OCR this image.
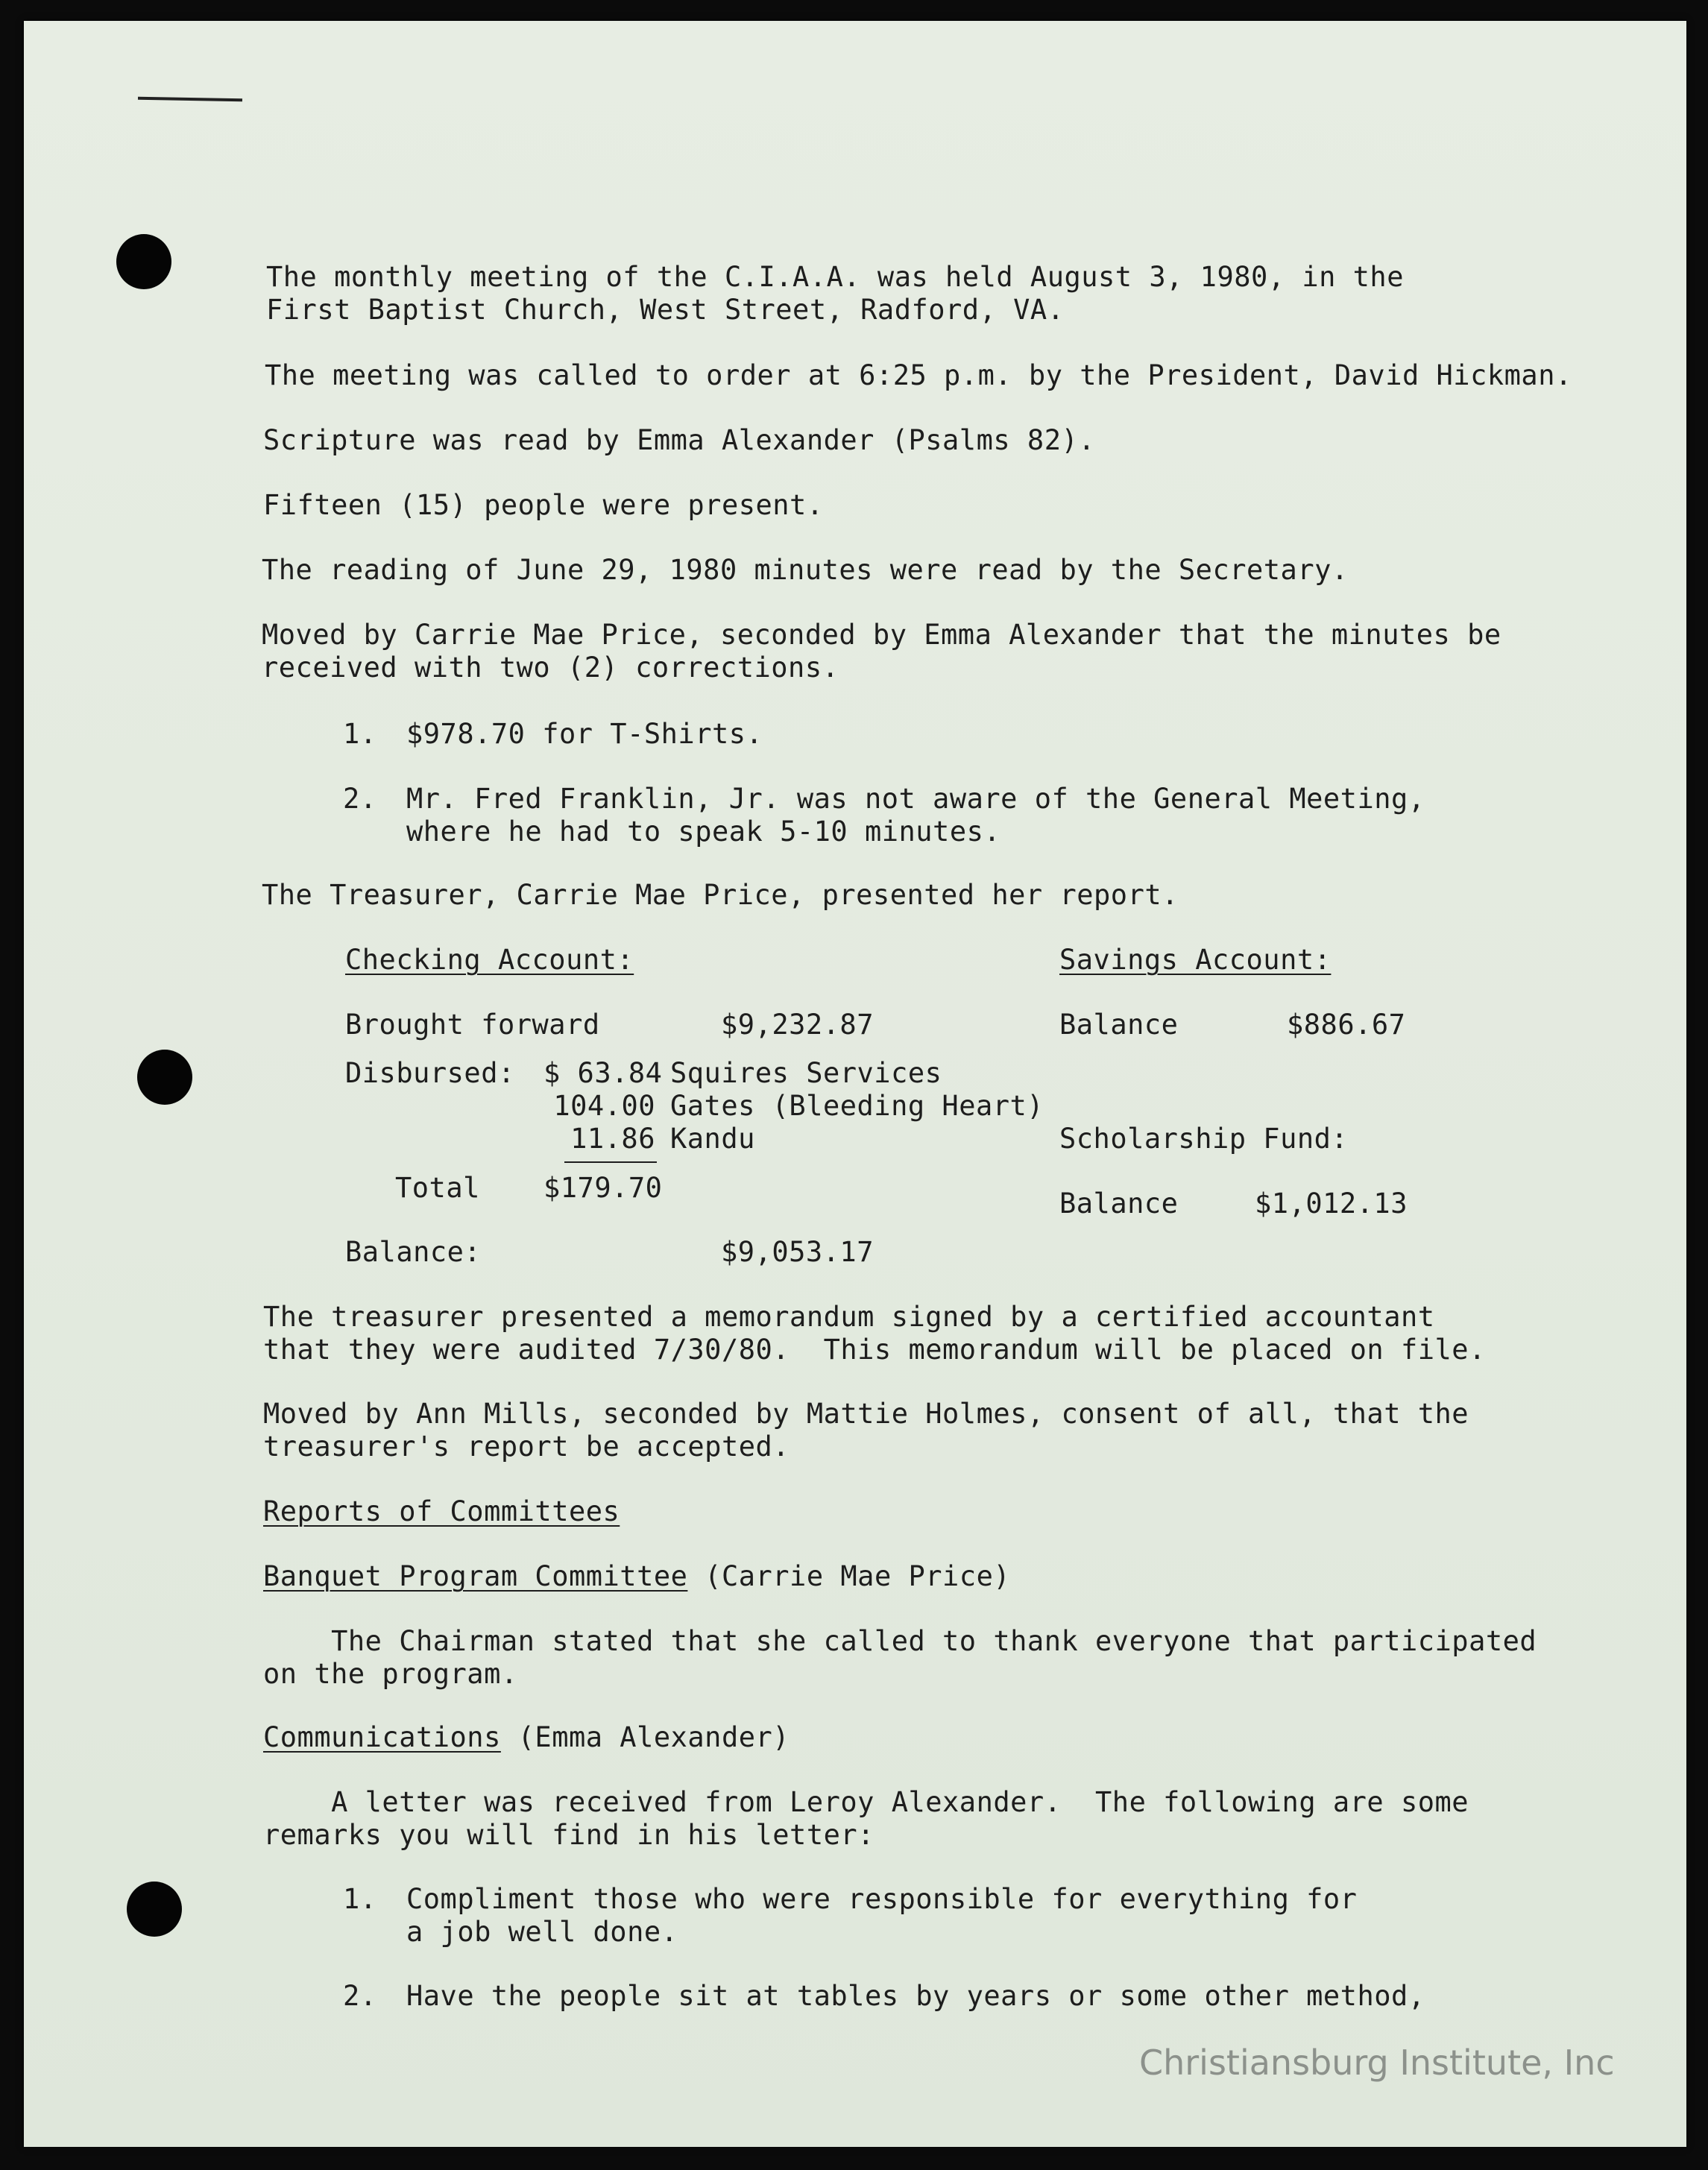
The monthly meeting of the C.I.A.A. was held August 3, 1980, in the
First Baptist Church, West Street, Radford, VA.
The meeting was called to order at 6:25 p.m. by the President, David Hickman.
Scripture was read by Emma Alexander (Psalms 82).
Fifteen (15) people were present.
The reading of June 29, 1980 minutes were read by the Secretary.
Moved by Carrie Mae Price, seconded by Emma Alexander that the minutes be
received with two (2) corrections.
1. $978.70 for T-Shirts.
2. Mr. Fred Franklin, Jr. was not aware of the General Meeting,
where he had to speak 5-10 minutes.
The Treasurer, Carrie Mae Price, presented her report.
Checking Account:	Savings Account:
Brought forward	$9,232.87	Balance	$886.67
Disbursed: $ 63.84 Squires Services
104.00 Gates (Bleeding Heart)
11.86 Kandu	Scholarship Fund:
Total $179.70	Balance	$1,012.13
Balance:	$9,053.17
The treasurer presented a memorandum signed by a certified accountant
that they were audited 7/30/80.  This memorandum will be placed on file.
Moved by Ann Mills, seconded by Mattie Holmes, consent of all, that the
treasurer's report be accepted.
Reports of Committees
Banquet Program Committee (Carrie Mae Price)
The Chairman stated that she called to thank everyone that participated
on the program.
Communications (Emma Alexander)
A letter was received from Leroy Alexander.  The following are some
remarks you will find in his letter:
1. Compliment those who were responsible for everything for
a job well done.
2. Have the people sit at tables by years or some other method,
Christiansburg Institute, Inc
